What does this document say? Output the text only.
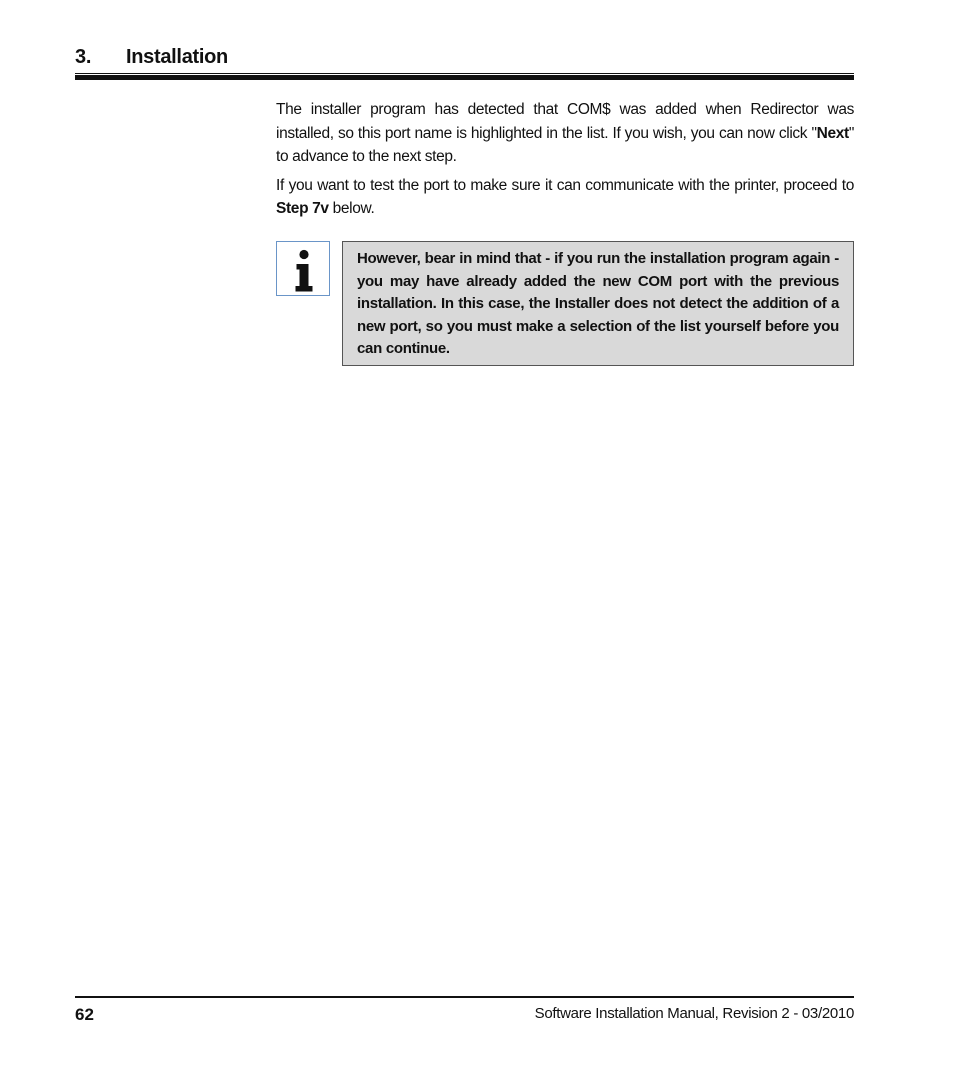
3. Installation

The installer program has detected that COM$ was added when Redirector was installed, so this port name is highlighted in the list. If you wish, you can now click "Next" to advance to the next step.

If you want to test the port to make sure it can communicate with the printer, proceed to Step 7v below.

However, bear in mind that - if you run the installation program again - you may have already added the new COM port with the previous installation. In this case, the Installer does not detect the addition of a new port, so you must make a selection of the list yourself before you can continue.
62	Software Installation Manual, Revision 2 - 03/2010
